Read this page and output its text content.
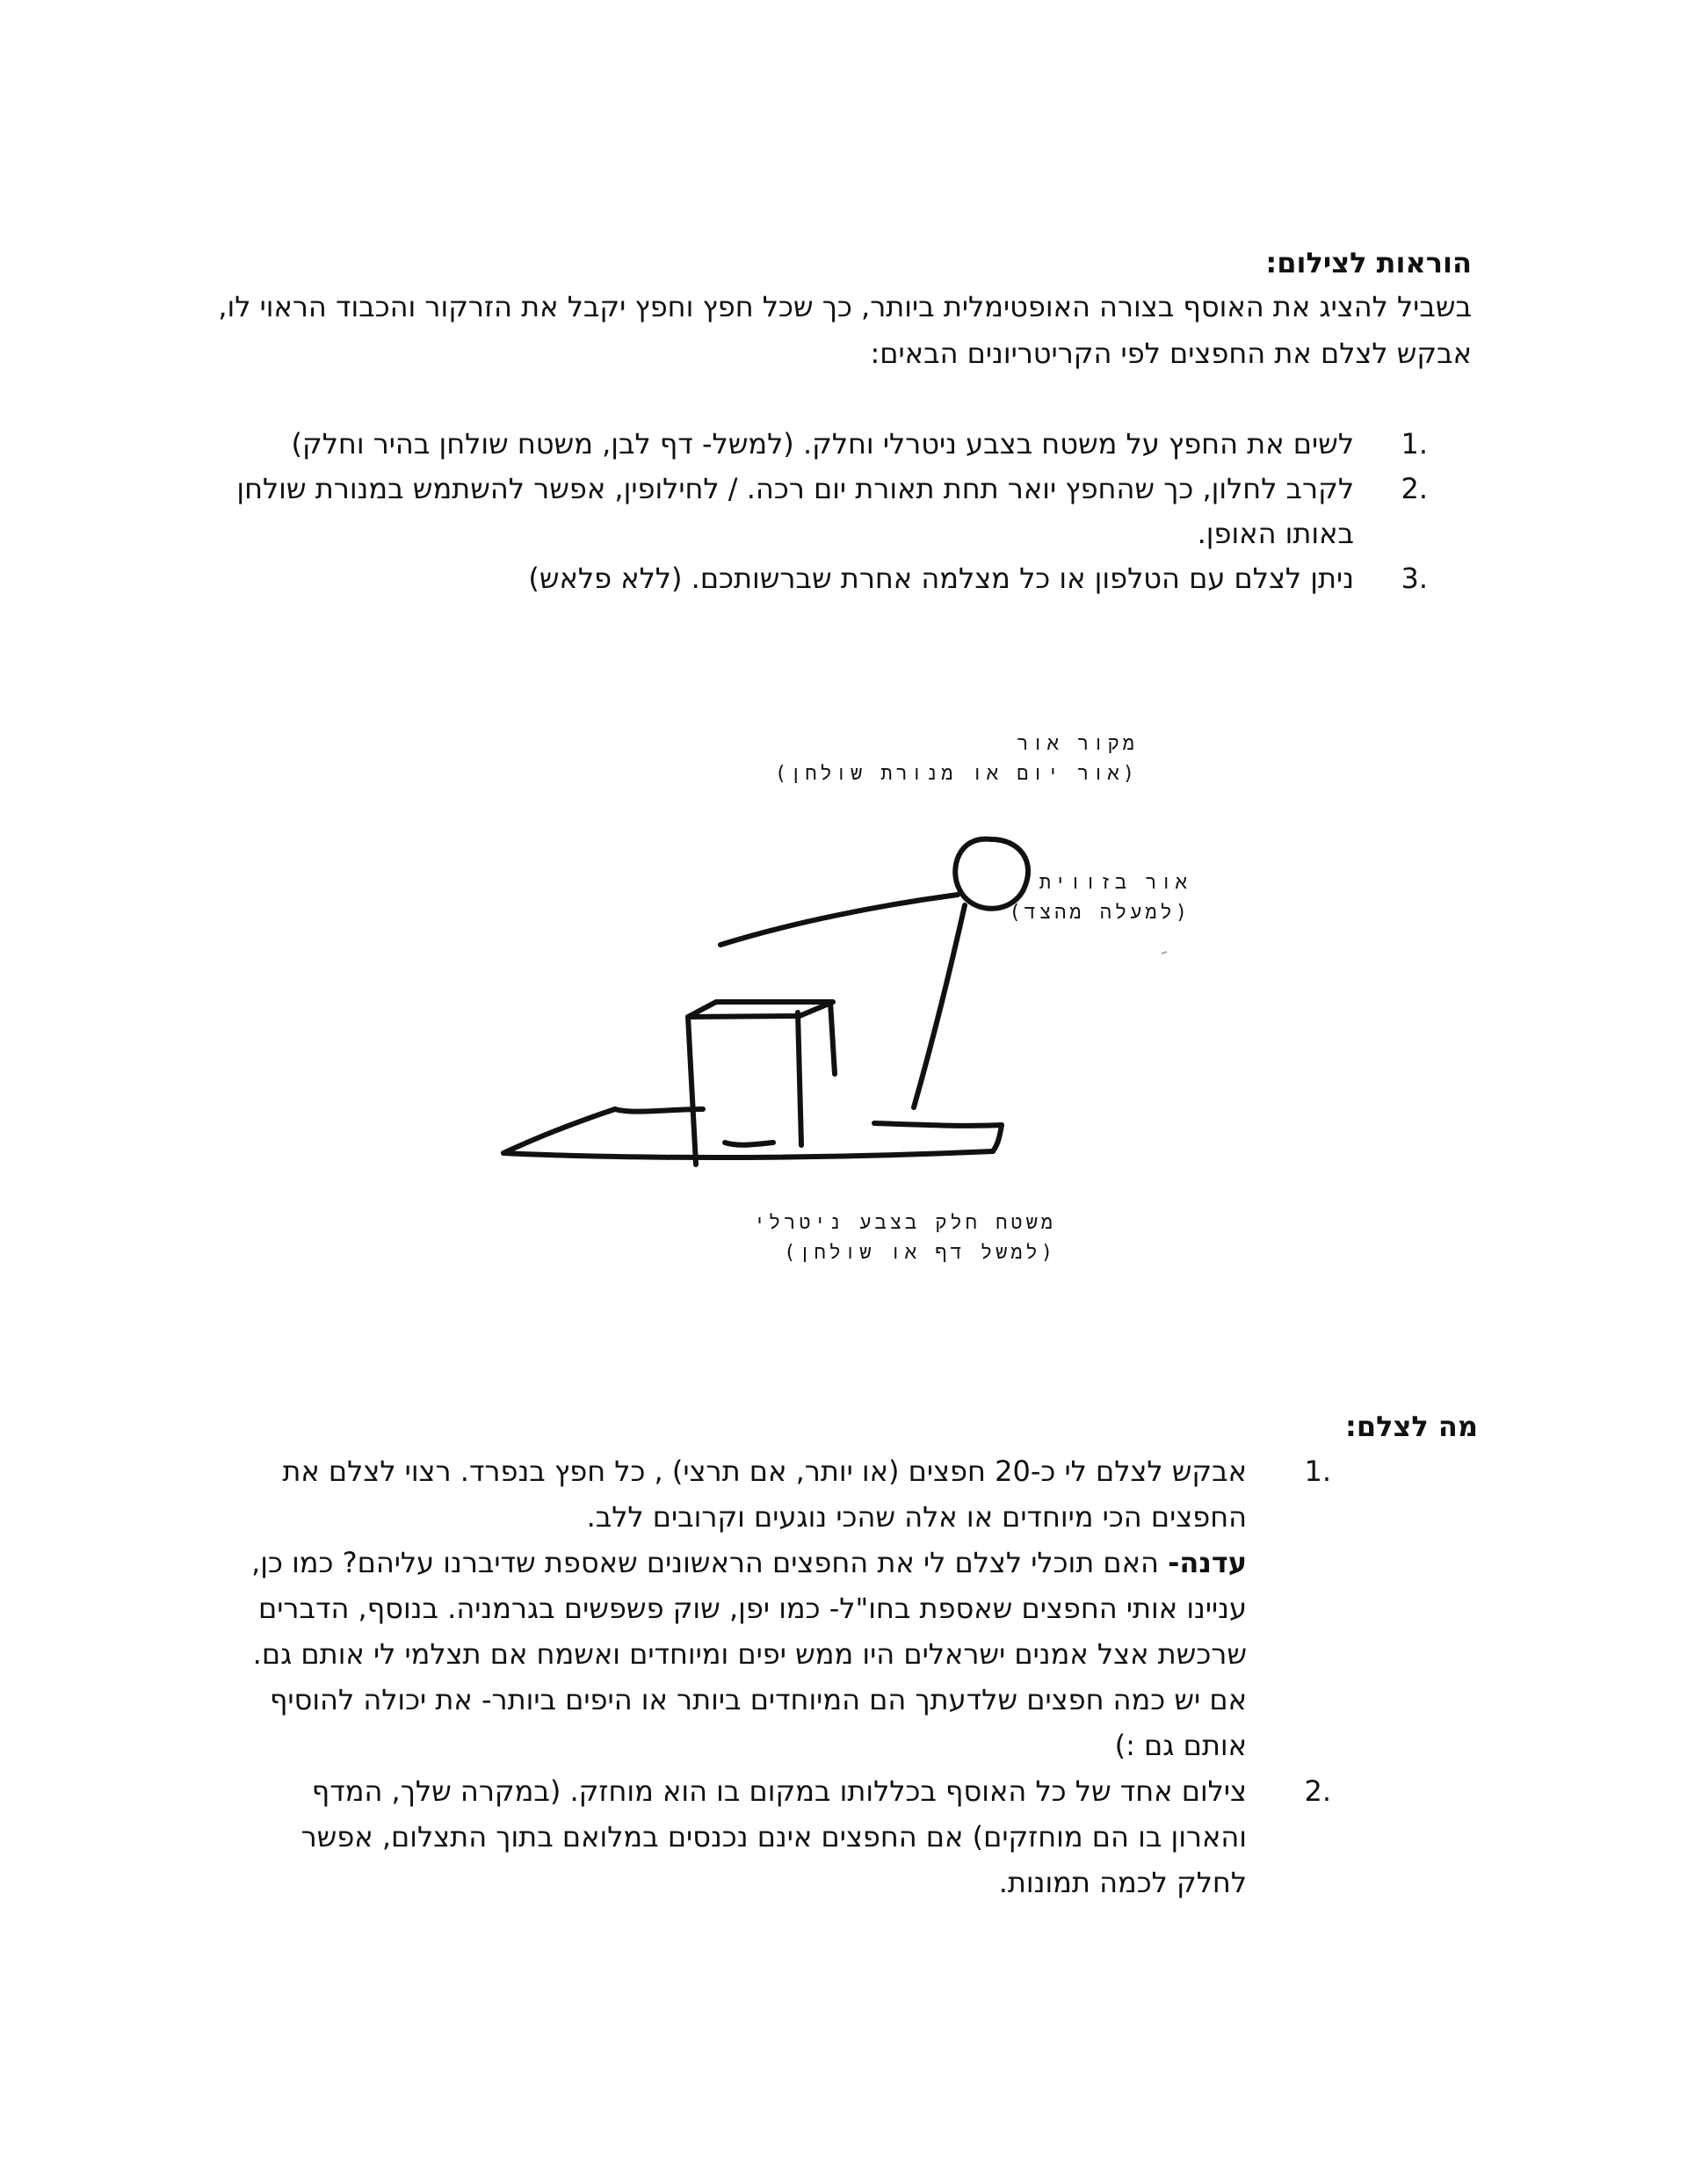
הוראות לצילום:
בשביל להציג את האוסף בצורה האופטימלית ביותר, כך שכל חפץ וחפץ יקבל את הזרקור והכבוד הראוי לו,
אבקש לצלם את החפצים לפי הקריטריונים הבאים:
1.
לשים את החפץ על משטח בצבע ניטרלי וחלק. (למשל- דף לבן, משטח שולחן בהיר וחלק)
2.
לקרב לחלון, כך שהחפץ יואר תחת תאורת יום רכה. / לחילופין, אפשר להשתמש במנורת שולחן באותו האופן.
3.
ניתן לצלם עם הטלפון או כל מצלמה אחרת שברשותכם. (ללא פלאש)
מקור אור
(אור יום או מנורת שולחן)
אור בזווית
(למעלה מהצד)
משטח חלק בצבע ניטרלי
(למשל דף או שולחן)
מה לצלם:
1.
אבקש לצלם לי כ-20 חפצים (או יותר, אם תרצי) , כל חפץ בנפרד. רצוי לצלם את החפצים הכי מיוחדים או אלה שהכי נוגעים וקרובים ללב.
עדנה- האם תוכלי לצלם לי את החפצים הראשונים שאספת שדיברנו עליהם? כמו כן, עניינו אותי החפצים שאספת בחו"ל- כמו יפן, שוק פשפשים בגרמניה. בנוסף, הדברים שרכשת אצל אמנים ישראלים היו ממש יפים ומיוחדים ואשמח אם תצלמי לי אותם גם. אם יש כמה חפצים שלדעתך הם המיוחדים ביותר או היפים ביותר- את יכולה להוסיף אותם גם :)
2.
צילום אחד של כל האוסף בכללותו במקום בו הוא מוחזק. (במקרה שלך, המדף והארון בו הם מוחזקים) אם החפצים אינם נכנסים במלואם בתוך התצלום, אפשר לחלק לכמה תמונות.
